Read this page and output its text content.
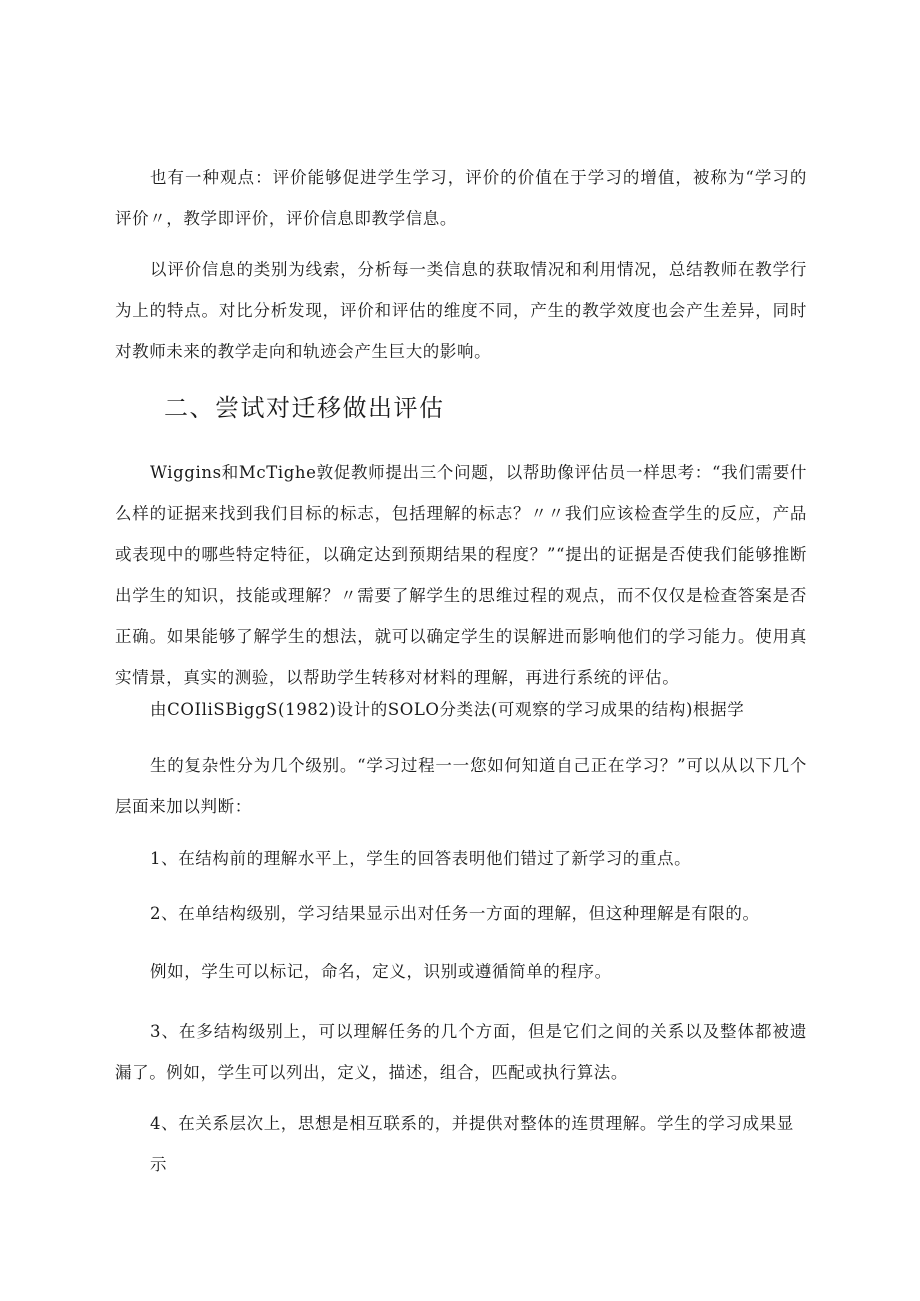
也有一种观点：评价能够促进学生学习，评价的价值在于学习的增值，被称为“学习的评价〃，教学即评价，评价信息即教学信息。

以评价信息的类别为线索，分析每一类信息的获取情况和利用情况，总结教师在教学行为上的特点。对比分析发现，评价和评估的维度不同，产生的教学效度也会产生差异，同时对教师未来的教学走向和轨迹会产生巨大的影响。

二、尝试对迁移做出评估

Wiggins和McTighe敦促教师提出三个问题，以帮助像评估员一样思考：“我们需要什么样的证据来找到我们目标的标志，包括理解的标志？〃〃我们应该检查学生的反应，产品或表现中的哪些特定特征，以确定达到预期结果的程度？”“提出的证据是否使我们能够推断出学生的知识，技能或理解？〃需要了解学生的思维过程的观点，而不仅仅是检查答案是否正确。如果能够了解学生的想法，就可以确定学生的误解进而影响他们的学习能力。使用真实情景，真实的测验，以帮助学生转移对材料的理解，再进行系统的评估。

由COIliSBiggS(1982)设计的SOLO分类法(可观察的学习成果的结构)根据学

生的复杂性分为几个级别。“学习过程一一您如何知道自己正在学习？”可以从以下几个层面来加以判断：

1、在结构前的理解水平上，学生的回答表明他们错过了新学习的重点。

2、在单结构级别，学习结果显示出对任务一方面的理解，但这种理解是有限的。

例如，学生可以标记，命名，定义，识别或遵循简单的程序。

3、在多结构级别上，可以理解任务的几个方面，但是它们之间的关系以及整体都被遗漏了。例如，学生可以列出，定义，描述，组合，匹配或执行算法。

4、在关系层次上，思想是相互联系的，并提供对整体的连贯理解。学生的学习成果显示
